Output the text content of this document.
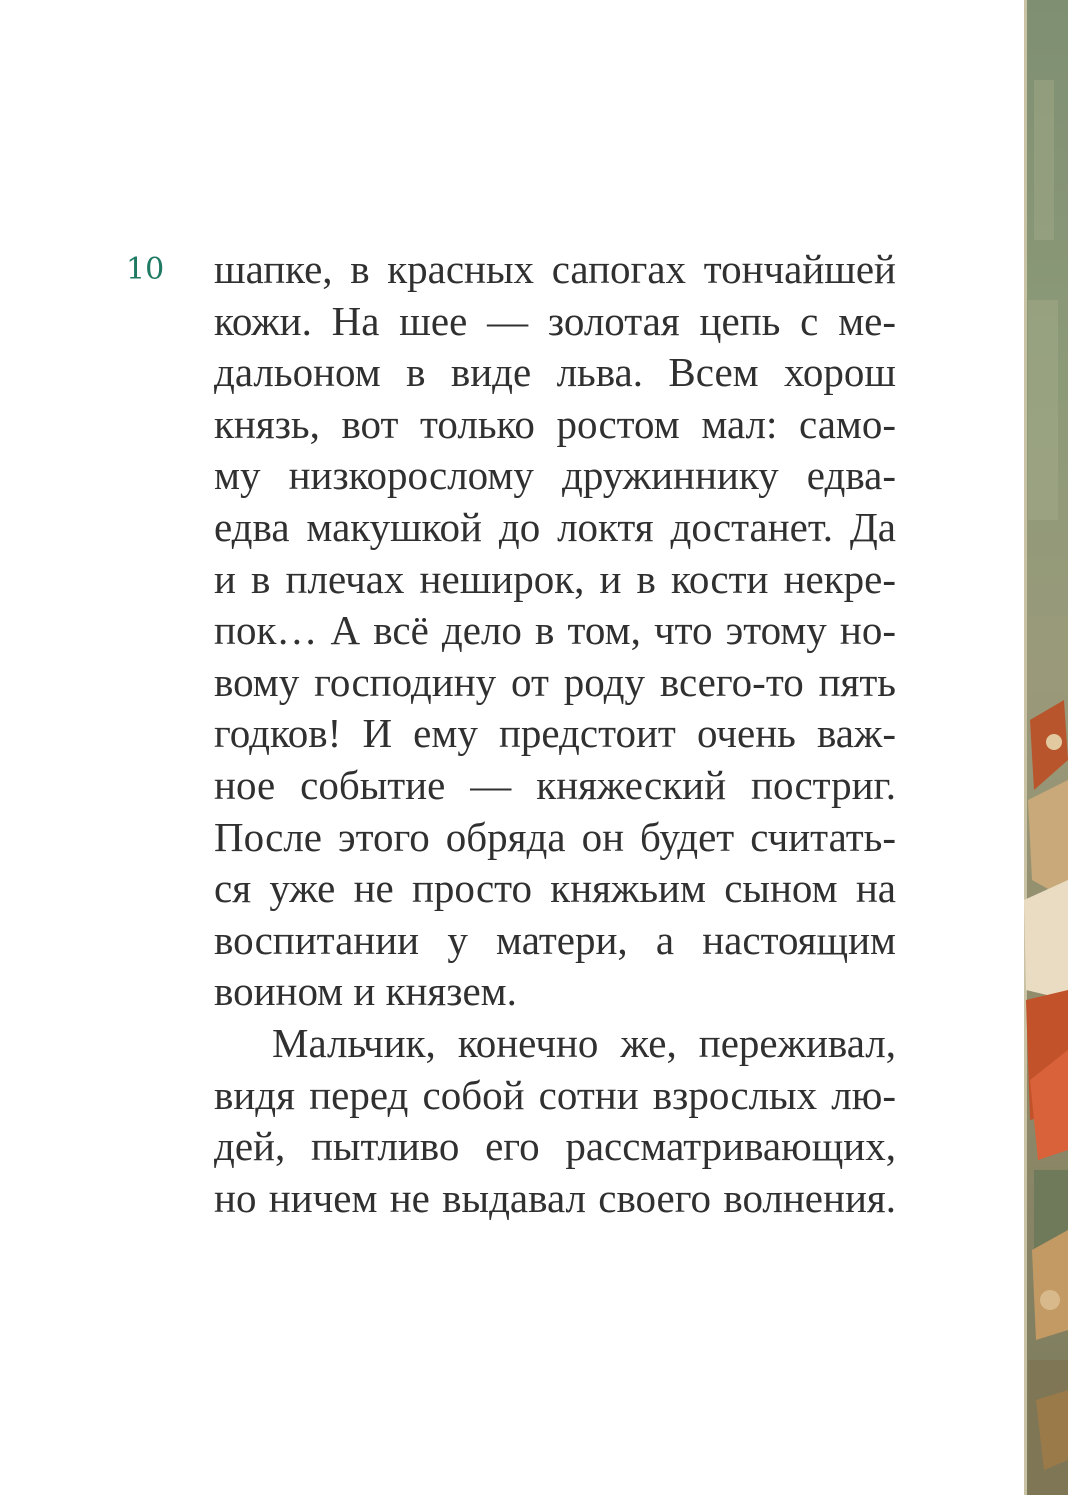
10 шапке, в красных сапогах тончайшей
кожи. На шее — золотая цепь с ме-
дальоном в виде льва. Всем хорош
князь, вот только ростом мал: само-
му низкорослому дружиннику едва-
едва макушкой до локтя достанет. Да
и в плечах неширок, и в кости некре-
пок… А всё дело в том, что этому но-
вому господину от роду всего-то пять
годков! И ему предстоит очень важ-
ное событие — княжеский постриг.
После этого обряда он будет считать-
ся уже не просто княжьим сыном на
воспитании у матери, а настоящим
воином и князем.
Мальчик, конечно же, переживал,
видя перед собой сотни взрослых лю-
дей, пытливо его рассматривающих,
но ничем не выдавал своего волнения.
